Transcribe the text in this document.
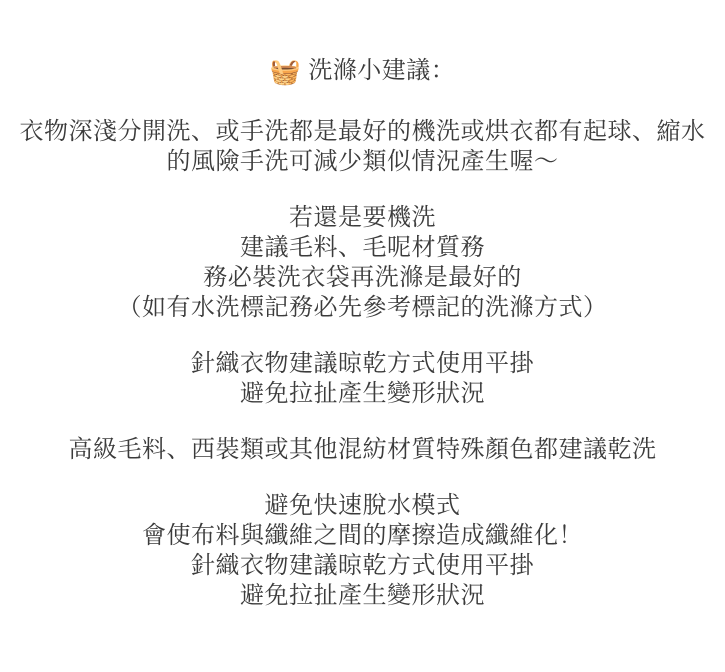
🧺 洗滌小建議：

衣物深淺分開洗、或手洗都是最好的機洗或烘衣都有起球、縮水
的風險手洗可減少類似情況產生喔～

若還是要機洗
建議毛料、毛呢材質務
務必裝洗衣袋再洗滌是最好的
（如有水洗標記務必先參考標記的洗滌方式）

針織衣物建議晾乾方式使用平掛
避免拉扯產生變形狀況

高級毛料、西裝類或其他混紡材質特殊顏色都建議乾洗

避免快速脫水模式
會使布料與纖維之間的摩擦造成纖維化！
針織衣物建議晾乾方式使用平掛
避免拉扯產生變形狀況
